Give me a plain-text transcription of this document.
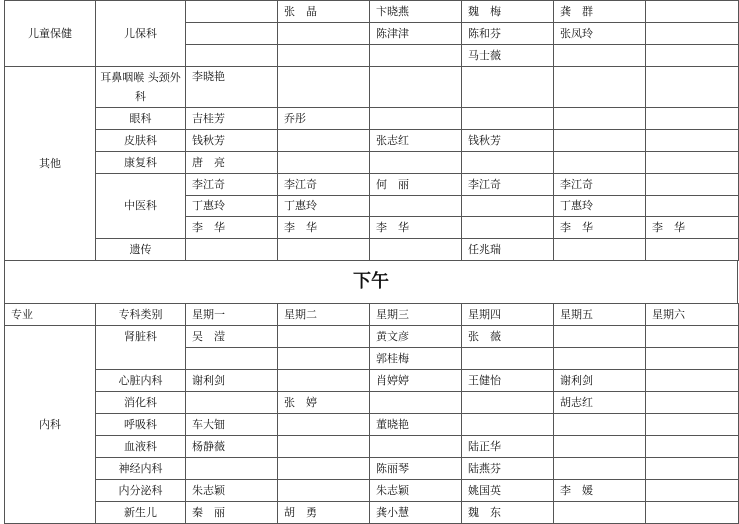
儿童保健	儿保科		张　晶	卞晓燕	魏　梅	龚　群	
				陈津津	陈和芬	张凤玲	
					马士薇		
其他	耳鼻咽喉 头颈外科	李晓艳					
	眼科	吉桂芳	乔彤				
	皮肤科	钱秋芳		张志红	钱秋芳		
	康复科	唐　亮					
	中医科	李江奇	李江奇	何　丽	李江奇	李江奇	
		丁惠玲	丁惠玲			丁惠玲	
		李　华	李　华	李　华		李　华	李　华
	遗传				任兆瑞		
下午
专业	专科类别	星期一	星期二	星期三	星期四	星期五	星期六
内科	肾脏科	吴　滢		黄文彦	张　薇		
				郭桂梅			
	心脏内科	谢利剑		肖婷婷	王健怡	谢利剑	
	消化科		张　婷			胡志红	
	呼吸科	车大钿		董晓艳			
	血液科	杨静薇			陆正华		
	神经内科			陈丽琴	陆燕芬		
	内分泌科	朱志颖		朱志颖	姚国英	李　媛	
	新生儿	秦　丽	胡　勇	龚小慧	魏　东		
